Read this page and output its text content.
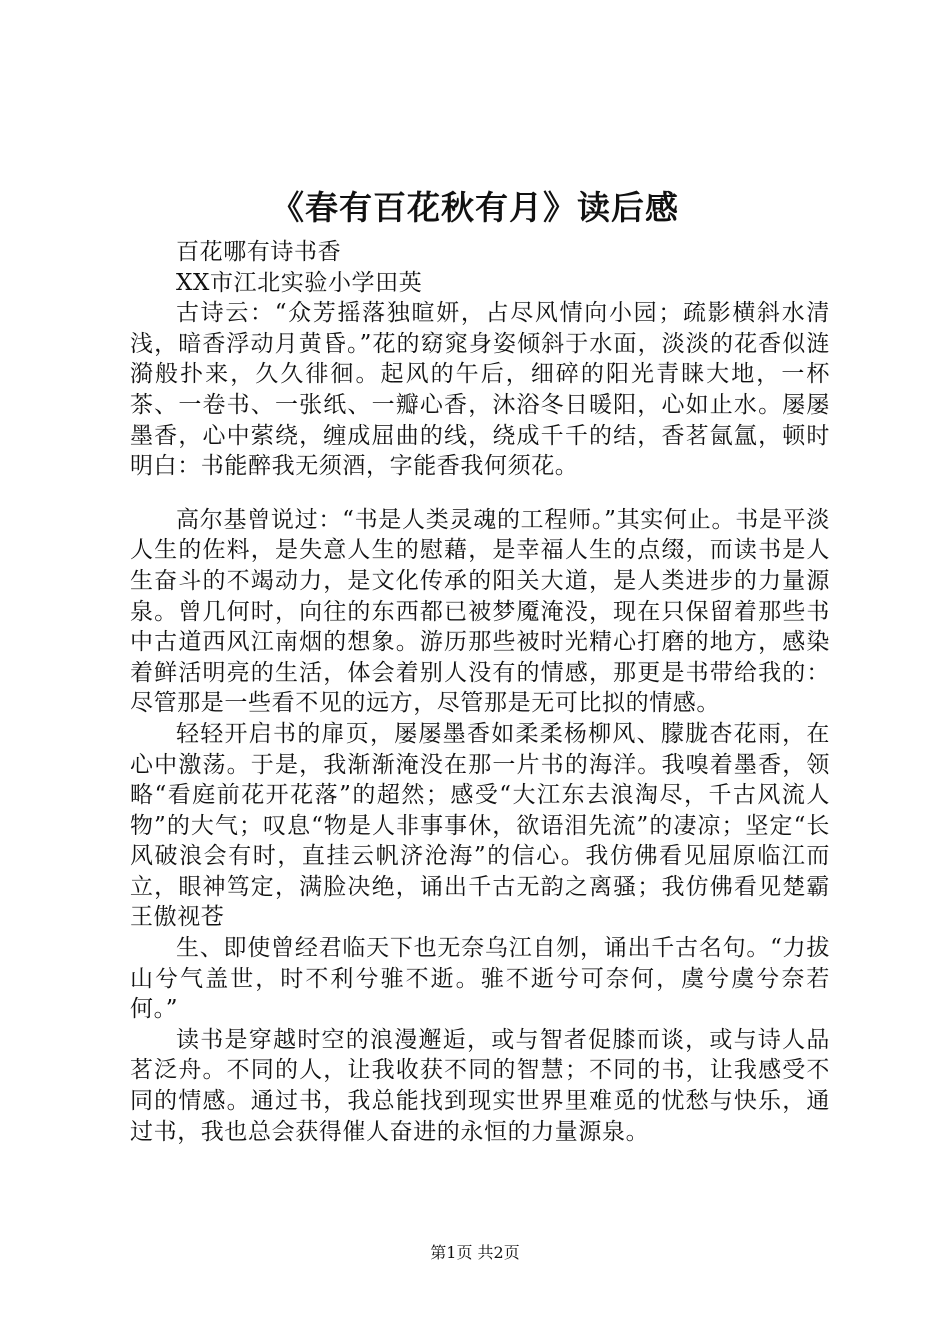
《春有百花秋有月》读后感

百花哪有诗书香

XX市江北实验小学田英

古诗云：“众芳摇落独暄妍，占尽风情向小园；疏影横斜水清浅，暗香浮动月黄昏。”花的窈窕身姿倾斜于水面，淡淡的花香似涟漪般扑来，久久徘徊。起风的午后，细碎的阳光青睐大地，一杯茶、一卷书、一张纸、一瓣心香，沐浴冬日暖阳，心如止水。屡屡墨香，心中萦绕，缠成屈曲的线，绕成千千的结，香茗氤氲，顿时明白：书能醉我无须酒，字能香我何须花。

高尔基曾说过：“书是人类灵魂的工程师。”其实何止。书是平淡人生的佐料，是失意人生的慰藉，是幸福人生的点缀，而读书是人生奋斗的不竭动力，是文化传承的阳关大道，是人类进步的力量源泉。曾几何时，向往的东西都已被梦魇淹没，现在只保留着那些书中古道西风江南烟的想象。游历那些被时光精心打磨的地方，感染着鲜活明亮的生活，体会着别人没有的情感，那更是书带给我的：尽管那是一些看不见的远方，尽管那是无可比拟的情感。

轻轻开启书的扉页，屡屡墨香如柔柔杨柳风、朦胧杏花雨，在心中激荡。于是，我渐渐淹没在那一片书的海洋。我嗅着墨香，领略“看庭前花开花落”的超然；感受“大江东去浪淘尽，千古风流人物”的大气；叹息“物是人非事事休，欲语泪先流”的凄凉；坚定“长风破浪会有时，直挂云帆济沧海”的信心。我仿佛看见屈原临江而立，眼神笃定，满脸决绝，诵出千古无韵之离骚；我仿佛看见楚霸王傲视苍

生、即使曾经君临天下也无奈乌江自刎，诵出千古名句。“力拔山兮气盖世，时不利兮骓不逝。骓不逝兮可奈何，虞兮虞兮奈若何。”

读书是穿越时空的浪漫邂逅，或与智者促膝而谈，或与诗人品茗泛舟。不同的人，让我收获不同的智慧；不同的书，让我感受不同的情感。通过书，我总能找到现实世界里难觅的忧愁与快乐，通过书，我也总会获得催人奋进的永恒的力量源泉。

第1页 共2页
